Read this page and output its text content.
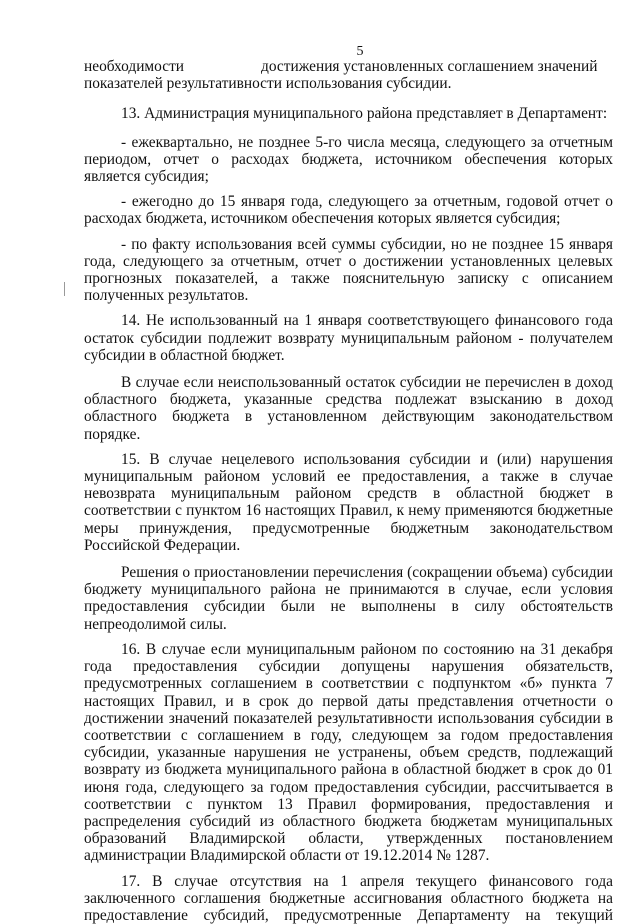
5

необходимости                    достижения установленных соглашением значений

показателей результативности использования субсидии.

13. Администрация муниципального района представляет в Департамент:

- ежеквартально, не позднее 5-го числа месяца, следующего за отчетным периодом, отчет о расходах бюджета, источником обеспечения которых является субсидия;

- ежегодно до 15 января года, следующего за отчетным, годовой отчет о расходах бюджета, источником обеспечения которых является субсидия;

- по факту использования всей суммы субсидии, но не позднее 15 января года, следующего за отчетным, отчет о достижении установленных целевых прогнозных показателей, а также пояснительную записку с описанием полученных результатов.

14. Не использованный на 1 января соответствующего финансового года остаток субсидии подлежит возврату муниципальным районом - получателем субсидии в областной бюджет.

В случае если неиспользованный остаток субсидии не перечислен в доход областного бюджета, указанные средства подлежат взысканию в доход областного бюджета в установленном действующим законодательством порядке.

15. В случае нецелевого использования субсидии и (или) нарушения муниципальным районом условий ее предоставления, а также в случае невозврата муниципальным районом средств в областной бюджет в соответствии с пунктом 16 настоящих Правил, к нему применяются бюджетные меры принуждения, предусмотренные бюджетным законодательством Российской Федерации.

Решения о приостановлении перечисления (сокращении объема) субсидии бюджету муниципального района не принимаются в случае, если условия предоставления субсидии были не выполнены в силу обстоятельств непреодолимой силы.

16. В случае если муниципальным районом по состоянию на 31 декабря года предоставления субсидии допущены нарушения обязательств, предусмотренных соглашением в соответствии с подпунктом «б» пункта 7 настоящих Правил, и в срок до первой даты представления отчетности о достижении значений показателей результативности использования субсидии в соответствии с соглашением в году, следующем за годом предоставления субсидии, указанные нарушения не устранены, объем средств, подлежащий возврату из бюджета муниципального района в областной бюджет в срок до 01 июня года, следующего за годом предоставления субсидии, рассчитывается в соответствии с пунктом 13 Правил формирования, предоставления и распределения субсидий из областного бюджета бюджетам муниципальных образований Владимирской области, утвержденных постановлением администрации Владимирской области от 19.12.2014 № 1287.

17. В случае отсутствия на 1 апреля текущего финансового года заключенного соглашения бюджетные ассигнования областного бюджета на предоставление субсидий, предусмотренные Департаменту на текущий
